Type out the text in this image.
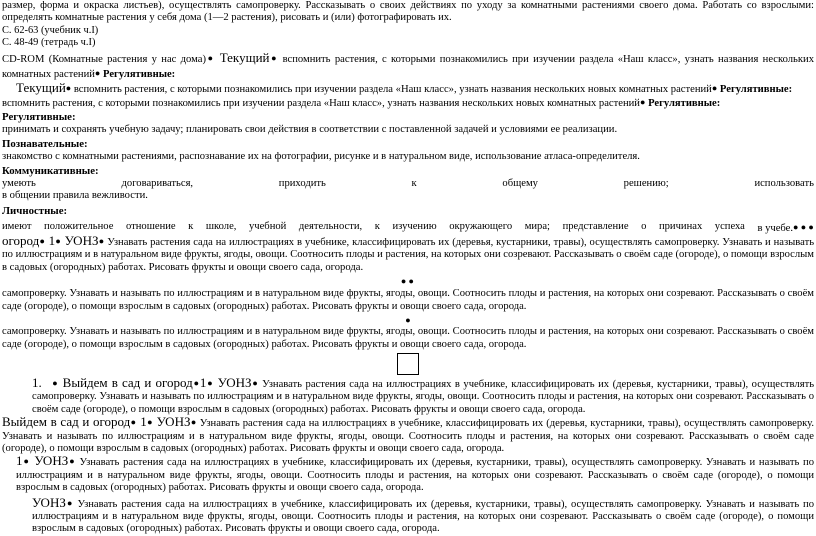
размер, форма и окраска листьев), осуществлять самопроверку. Рассказывать о своих действиях по уходу за комнатными растениями своего дома. Работать со взрослыми: определять комнатные растения у себя дома (1—2 растения), рисовать и (или) фотографировать их.

С. 62-63 (учебник ч.I)

С. 48-49 (тетрадь ч.I)

CD-ROM (Комнатные растения у нас дома)● Текущий● вспомнить растения, с которыми познакомились при изучении раздела «Наш класс», узнать названия нескольких комнатных растений● Регулятивные:

Текущий● вспомнить растения, с которыми познакомились при изучении раздела «Наш класс», узнать названия нескольких новых комнатных растений● Регулятивные:

вспомнить растения, с которыми познакомились при изучении раздела «Наш класс», узнать названия нескольких новых комнатных растений● Регулятивные:

Регулятивные:

принимать и сохранять учебную задачу; планировать свои действия в соответствии с поставленной задачей и условиями ее реализации.

Познавательные:

знакомство с комнатными растениями, распознавание их на фотографии, рисунке и в натуральном виде, использование атласа-определителя.

Коммуникативные:

умеють	договариваться,	приходить	к	общему	решению;	использовать

в общении правила вежливости.

Личностные:

имеют положительное отношение к школе, учебной деятельности, к изучению окружающего мира; представление о причинах успеха в учебе.● ● ●

огород● 1● УОНЗ● Узнавать растения сада на иллюстрациях в учебнике, классифицировать их (деревья, кустарники, травы), осуществлять самопроверку. Узнавать и называть по иллюстрациям и в натуральном виде фрукты, ягоды, овощи. Соотносить плоды и растения, на которых они созревают. Рассказывать о своём саде (огороде), о помощи взрослым в садовых (огородных) работах. Рисовать фрукты и овощи своего сада, огорода.

● ●

самопроверку. Узнавать и называть по иллюстрациям и в натуральном виде фрукты, ягоды, овощи. Соотносить плоды и растения, на которых они созревают. Рассказывать о своём саде (огороде), о помощи взрослым в садовых (огородных) работах. Рисовать фрукты и овощи своего сада, огорода.

●

самопроверку. Узнавать и называть по иллюстрациям и в натуральном виде фрукты, ягоды, овощи. Соотносить плоды и растения, на которых они созревают. Рассказывать о своём саде (огороде), о помощи взрослым в садовых (огородных) работах. Рисовать фрукты и овощи своего сада, огорода.

1. ● Выйдем в сад и огород●1● УОНЗ● Узнавать растения сада на иллюстрациях в учебнике, классифицировать их (деревья, кустарники, травы), осуществлять самопроверку. Узнавать и называть по иллюстрациям и в натуральном виде фрукты, ягоды, овощи. Соотносить плоды и растения, на которых они созревают. Рассказывать о своём саде (огороде), о помощи взрослым в садовых (огородных) работах. Рисовать фрукты и овощи своего сада, огорода.

Выйдем в сад и огород● 1● УОНЗ● Узнавать растения сада на иллюстрациях в учебнике, классифицировать их (деревья, кустарники, травы), осуществлять самопроверку. Узнавать и называть по иллюстрациям и в натуральном виде фрукты, ягоды, овощи. Соотносить плоды и растения, на которых они созревают. Рассказывать о своём саде (огороде), о помощи взрослым в садовых (огородных) работах. Рисовать фрукты и овощи своего сада, огорода.

1● УОНЗ● Узнавать растения сада на иллюстрациях в учебнике, классифицировать их (деревья, кустарники, травы), осуществлять самопроверку. Узнавать и называть по иллюстрациям и в натуральном виде фрукты, ягоды, овощи. Соотносить плоды и растения, на которых они созревают. Рассказывать о своём саде (огороде), о помощи взрослым в садовых (огородных) работах. Рисовать фрукты и овощи своего сада, огорода.

УОНЗ● Узнавать растения сада на иллюстрациях в учебнике, классифицировать их (деревья, кустарники, травы), осуществлять самопроверку. Узнавать и называть по иллюстрациям и в натуральном виде фрукты, ягоды, овощи. Соотносить плоды и растения, на которых они созревают. Рассказывать о своём саде (огороде), о помощи взрослым в садовых (огородных) работах. Рисовать фрукты и овощи своего сада, огорода.
